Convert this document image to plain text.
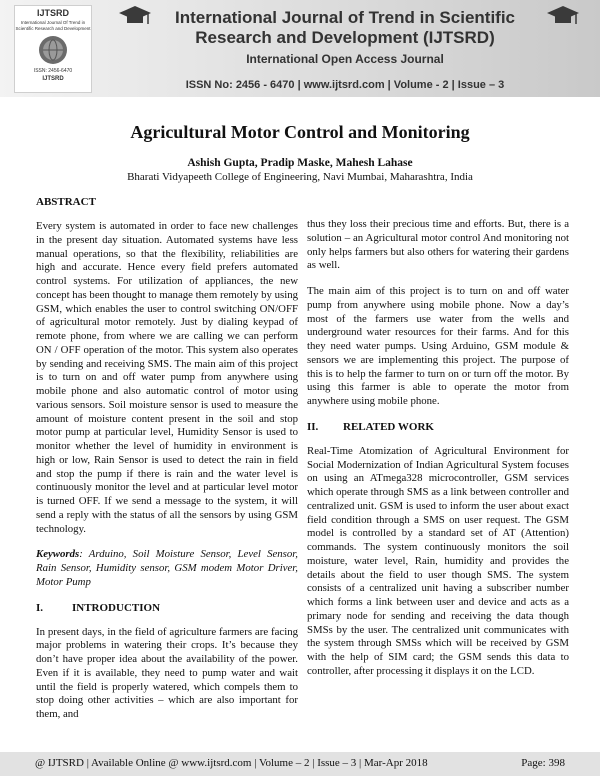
IJTSRD
International Journal Of Trend in Scientific Research and Development
ISSN: 2456-6470
IJTSRD
International Journal of Trend in Scientific
Research and Development (IJTSRD)
International Open Access Journal
ISSN No: 2456 - 6470 | www.ijtsrd.com | Volume - 2 | Issue – 3
Agricultural Motor Control and Monitoring
Ashish Gupta, Pradip Maske, Mahesh Lahase
Bharati Vidyapeeth College of Engineering, Navi Mumbai, Maharashtra, India
ABSTRACT

Every system is automated in order to face new challenges in the present day situation. Automated systems have less manual operations, so that the flexibility, reliabilities are high and accurate. Hence every field prefers automated control systems. For utilization of appliances, the new concept has been thought to manage them remotely by using GSM, which enables the user to control switching ON/OFF of agricultural motor remotely. Just by dialing keypad of remote phone, from where we are calling we can perform ON / OFF operation of the motor. This system also operates by sending and receiving SMS. The main aim of this project is to turn on and off water pump from anywhere using mobile phone and also automatic control of motor using various sensors. Soil moisture sensor is used to measure the amount of moisture content present in the soil and stop motor pump at particular level, Humidity Sensor is used to monitor whether the level of humidity in environment is high or low, Rain Sensor is used to detect the rain in field and stop the pump if there is rain and the water level is continuously monitor the level and at particular level motor is turned OFF. If we send a message to the system, it will send a reply with the status of all the sensors by using GSM technology.

Keywords: Arduino, Soil Moisture Sensor, Level Sensor, Rain Sensor, Humidity sensor, GSM modem Motor Driver, Motor Pump

I.	INTRODUCTION

In present days, in the field of agriculture farmers are facing major problems in watering their crops. It’s because they don’t have proper idea about the availability of the power. Even if it is available, they need to pump water and wait until the field is properly watered, which compels them to stop doing other activities – which are also important for them, and

thus they loss their precious time and efforts. But, there is a solution – an Agricultural motor control And monitoring not only helps farmers but also others for watering their gardens as well.

The main aim of this project is to turn on and off water pump from anywhere using mobile phone. Now a day’s most of the farmers use water from the wells and underground water resources for their farms. And for this they need water pumps. Using Arduino, GSM module & sensors we are implementing this project. The purpose of this is to help the farmer to turn on or turn off the motor. By using this farmer is able to operate the motor from anywhere using mobile phone.

II.	RELATED WORK

Real-Time Atomization of Agricultural Environment for Social Modernization of Indian Agricultural System focuses on using an ATmega328 microcontroller, GSM services which operate through SMS as a link between controller and centralized unit. GSM is used to inform the user about exact field condition through a SMS on user request. The GSM model is controlled by a standard set of AT (Attention) commands. The system continuously monitors the soil moisture, water level, Rain, humidity and provides the details about the field to user though SMS. The system consists of a centralized unit having a subscriber number which forms a link between user and device and acts as a primary node for sending and receiving the data though SMSs by the user. The centralized unit communicates with the system through SMSs which will be received by GSM with the help of SIM card; the GSM sends this data to controller, after processing it displays it on the LCD.

@ IJTSRD | Available Online @ www.ijtsrd.com | Volume – 2 | Issue – 3 | Mar-Apr 2018	Page: 398
